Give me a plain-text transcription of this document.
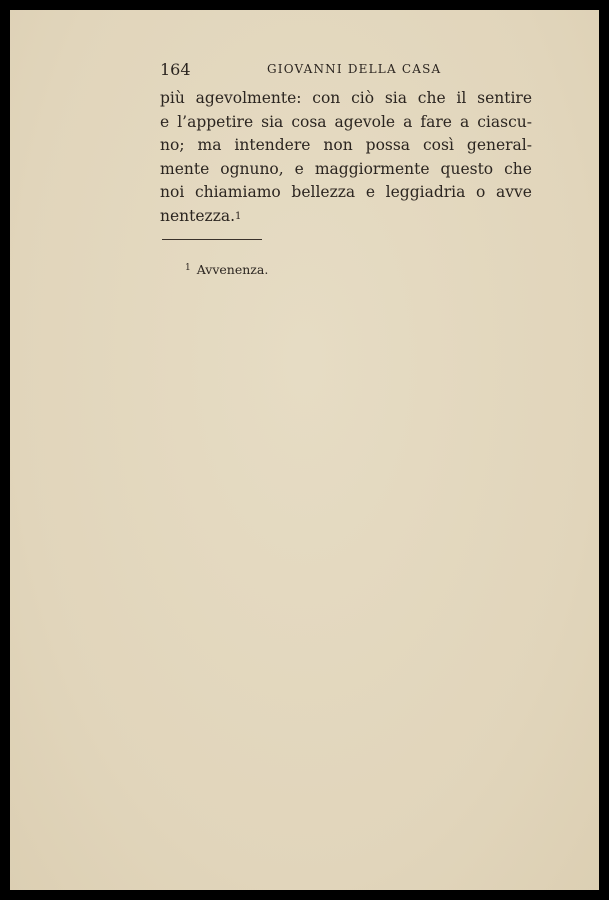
164	GIOVANNI DELLA CASA
più agevolmente: con ciò sia che il sentire
e l’appetire sia cosa agevole a fare a ciascu-
no; ma intendere non possa così general-
mente ognuno, e maggiormente questo che
noi chiamiamo bellezza e leggiadria o avve
nentezza. 1
$^1$ Avvenenza.
